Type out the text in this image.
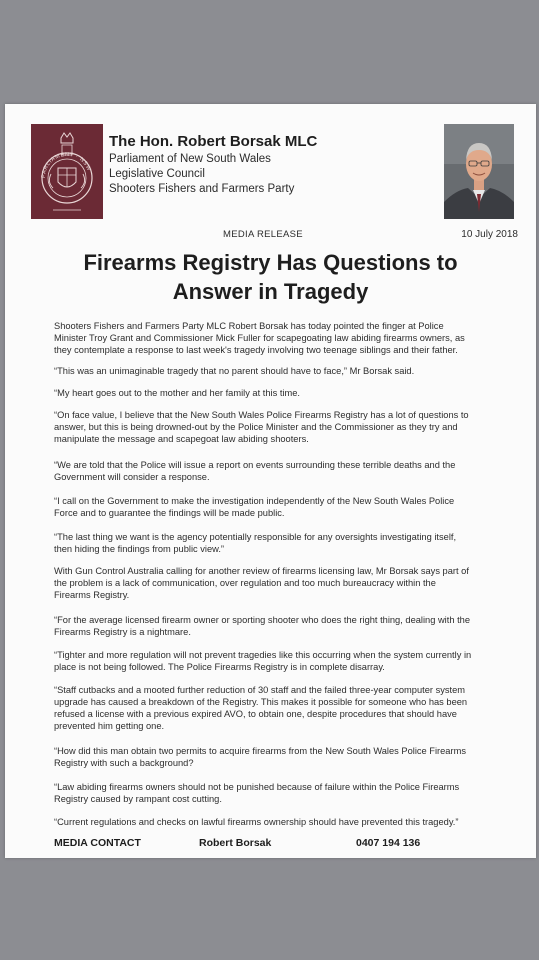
PARLIAMENT · NSW
The Hon. Robert Borsak MLC
Parliament of New South Wales
Legislative Council
Shooters Fishers and Farmers Party
MEDIA RELEASE	10 July 2018
Firearms Registry Has Questions to
Answer in Tragedy
Shooters Fishers and Farmers Party MLC Robert Borsak has today pointed the finger at Police
Minister Troy Grant and Commissioner Mick Fuller for scapegoating law abiding firearms owners, as
they contemplate a response to last week's tragedy involving two teenage siblings and their father.
“This was an unimaginable tragedy that no parent should have to face,” Mr Borsak said.
“My heart goes out to the mother and her family at this time.
“On face value, I believe that the New South Wales Police Firearms Registry has a lot of questions to
answer, but this is being drowned-out by the Police Minister and the Commissioner as they try and
manipulate the message and scapegoat law abiding shooters.
“We are told that the Police will issue a report on events surrounding these terrible deaths and the
Government will consider a response.
“I call on the Government to make the investigation independently of the New South Wales Police
Force and to guarantee the findings will be made public.
“The last thing we want is the agency potentially responsible for any oversights investigating itself,
then hiding the findings from public view.”
With Gun Control Australia calling for another review of firearms licensing law, Mr Borsak says part of
the problem is a lack of communication, over regulation and too much bureaucracy within the
Firearms Registry.
“For the average licensed firearm owner or sporting shooter who does the right thing, dealing with the
Firearms Registry is a nightmare.
“Tighter and more regulation will not prevent tragedies like this occurring when the system currently in
place is not being followed. The Police Firearms Registry is in complete disarray.
“Staff cutbacks and a mooted further reduction of 30 staff and the failed three-year computer system
upgrade has caused a breakdown of the Registry. This makes it possible for someone who has been
refused a license with a previous expired AVO, to obtain one, despite procedures that should have
prevented him getting one.
“How did this man obtain two permits to acquire firearms from the New South Wales Police Firearms
Registry with such a background?
“Law abiding firearms owners should not be punished because of failure within the Police Firearms
Registry caused by rampant cost cutting.
“Current regulations and checks on lawful firearms ownership should have prevented this tragedy.”
MEDIA CONTACT	Robert Borsak	0407 194 136
